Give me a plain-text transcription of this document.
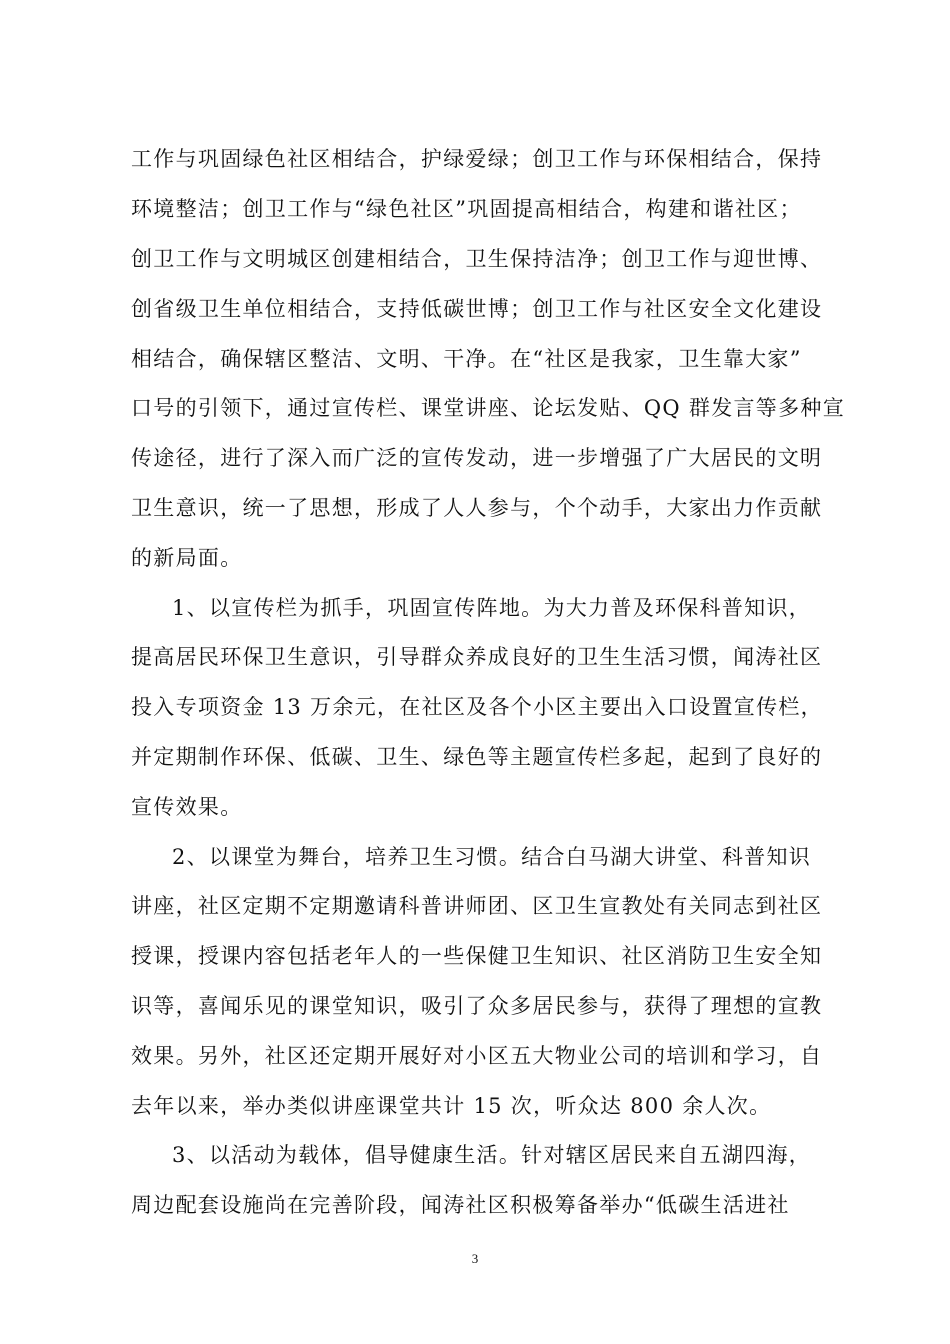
工作与巩固绿色社区相结合，护绿爱绿；创卫工作与环保相结合，保持
环境整洁；创卫工作与“绿色社区”巩固提高相结合，构建和谐社区；
创卫工作与文明城区创建相结合，卫生保持洁净；创卫工作与迎世博、
创省级卫生单位相结合，支持低碳世博；创卫工作与社区安全文化建设
相结合，确保辖区整洁、文明、干净。在“社区是我家，卫生靠大家”
口号的引领下，通过宣传栏、课堂讲座、论坛发贴、QQ 群发言等多种宣
传途径，进行了深入而广泛的宣传发动，进一步增强了广大居民的文明
卫生意识，统一了思想，形成了人人参与，个个动手，大家出力作贡献
的新局面。
1、以宣传栏为抓手，巩固宣传阵地。为大力普及环保科普知识，
提高居民环保卫生意识，引导群众养成良好的卫生生活习惯，闻涛社区
投入专项资金 13 万余元，在社区及各个小区主要出入口设置宣传栏，
并定期制作环保、低碳、卫生、绿色等主题宣传栏多起，起到了良好的
宣传效果。
2、以课堂为舞台，培养卫生习惯。结合白马湖大讲堂、科普知识
讲座，社区定期不定期邀请科普讲师团、区卫生宣教处有关同志到社区
授课，授课内容包括老年人的一些保健卫生知识、社区消防卫生安全知
识等，喜闻乐见的课堂知识，吸引了众多居民参与，获得了理想的宣教
效果。另外，社区还定期开展好对小区五大物业公司的培训和学习，自
去年以来，举办类似讲座课堂共计 15 次，听众达 800 余人次。
3、以活动为载体，倡导健康生活。针对辖区居民来自五湖四海，
周边配套设施尚在完善阶段，闻涛社区积极筹备举办“低碳生活进社
3
